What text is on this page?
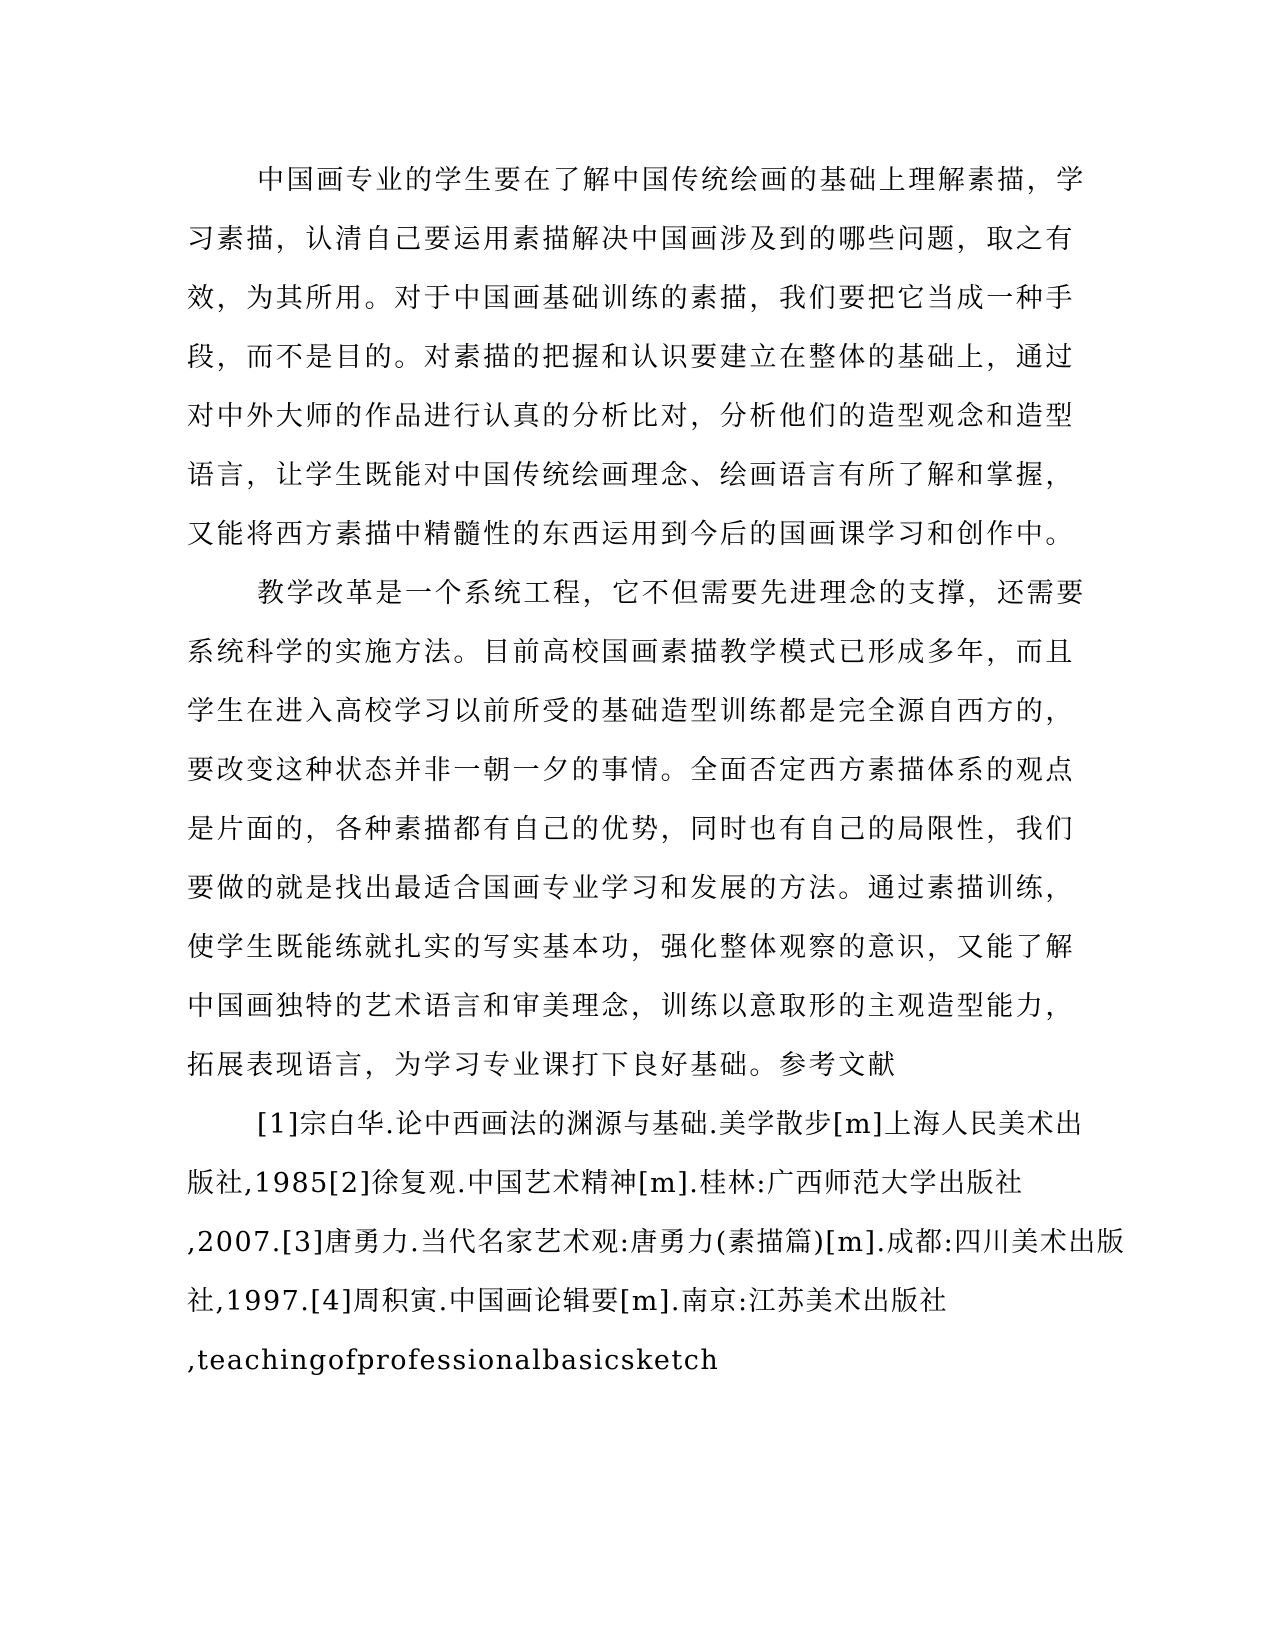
中国画专业的学生要在了解中国传统绘画的基础上理解素描，学
习素描，认清自己要运用素描解决中国画涉及到的哪些问题，取之有
效，为其所用。对于中国画基础训练的素描，我们要把它当成一种手
段，而不是目的。对素描的把握和认识要建立在整体的基础上，通过
对中外大师的作品进行认真的分析比对，分析他们的造型观念和造型
语言，让学生既能对中国传统绘画理念、绘画语言有所了解和掌握，
又能将西方素描中精髓性的东西运用到今后的国画课学习和创作中。
教学改革是一个系统工程，它不但需要先进理念的支撑，还需要
系统科学的实施方法。目前高校国画素描教学模式已形成多年，而且
学生在进入高校学习以前所受的基础造型训练都是完全源自西方的，
要改变这种状态并非一朝一夕的事情。全面否定西方素描体系的观点
是片面的，各种素描都有自己的优势，同时也有自己的局限性，我们
要做的就是找出最适合国画专业学习和发展的方法。通过素描训练，
使学生既能练就扎实的写实基本功，强化整体观察的意识，又能了解
中国画独特的艺术语言和审美理念，训练以意取形的主观造型能力，
拓展表现语言，为学习专业课打下良好基础。参考文献
[1]宗白华.论中西画法的渊源与基础.美学散步[m]上海人民美术出
版社,1985[2]徐复观.中国艺术精神[m].桂林:广西师范大学出版社
,2007.[3]唐勇力.当代名家艺术观:唐勇力(素描篇)[m].成都:四川美术出版
社,1997.[4]周积寅.中国画论辑要[m].南京:江苏美术出版社
,teachingofprofessionalbasicsketch
